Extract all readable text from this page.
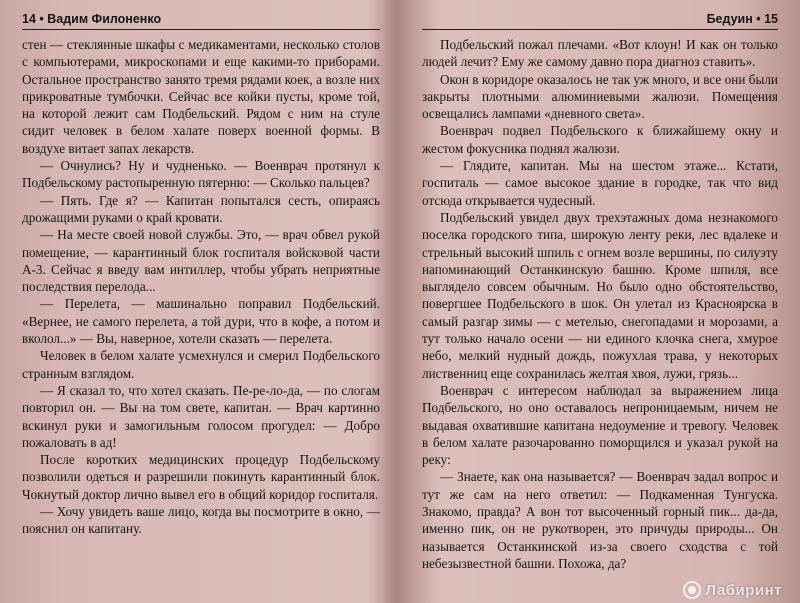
14 • Вадим Филоненко

стен — стеклянные шкафы с медикаментами, несколько столов с компьютерами, микроскопами и еще какими-то приборами. Остальное пространство занято тремя рядами коек, а возле них прикроватные тумбочки. Сейчас все койки пусты, кроме той, на которой лежит сам Подбельский. Рядом с ним на стуле сидит человек в белом халате поверх военной формы. В воздухе витает запах лекарств.

— Очнулись? Ну и чудненько. — Военврач протянул к Подбельскому растопыренную пятерню: — Сколько пальцев?

— Пять. Где я? — Капитан попытался сесть, опираясь дрожащими руками о край кровати.

— На месте своей новой службы. Это, — врач обвел рукой помещение, — карантинный блок госпиталя войсковой части А-3. Сейчас я введу вам интиллер, чтобы убрать неприятные последствия перелода...

— Перелета, — машинально поправил Подбельский. «Вернее, не самого перелета, а той дури, что в кофе, а потом и вколол...» — Вы, наверное, хотели сказать — перелета.

Человек в белом халате усмехнулся и смерил Подбельского странным взглядом.

— Я сказал то, что хотел сказать. Пе-ре-ло-да, — по слогам повторил он. — Вы на том свете, капитан. — Врач картинно вскинул руки и замогильным голосом прогудел: — Добро пожаловать в ад!

После коротких медицинских процедур Подбельскому позволили одеться и разрешили покинуть карантинный блок. Чокнутый доктор лично вывел его в общий коридор госпиталя.

— Хочу увидеть ваше лицо, когда вы посмотрите в окно, — пояснил он капитану.

Бедуин • 15

Подбельский пожал плечами. «Вот клоун! И как он только людей лечит? Ему же самому давно пора диагноз ставить».

Окон в коридоре оказалось не так уж много, и все они были закрыты плотными алюминиевыми жалюзи. Помещения освещались лампами «дневного света».

Военврач подвел Подбельского к ближайшему окну и жестом фокусника поднял жалюзи.

— Глядите, капитан. Мы на шестом этаже... Кстати, госпиталь — самое высокое здание в городке, так что вид отсюда открывается чудесный.

Подбельский увидел двух трехэтажных дома незнакомого поселка городского типа, широкую ленту реки, лес вдалеке и стрельный высокий шпиль с огнем возле вершины, по силуэту напоминающий Останкинскую башню. Кроме шпиля, все выглядело совсем обычным. Но было одно обстоятельство, повергшее Подбельского в шок. Он улетал из Красноярска в самый разгар зимы — с метелью, снегопадами и морозами, а тут только начало осени — ни единого клочка снега, хмурое небо, мелкий нудный дождь, пожухлая трава, у некоторых лиственниц еще сохранилась желтая хвоя, лужи, грязь...

Военврач с интересом наблюдал за выражением лица Подбельского, но оно оставалось непроницаемым, ничем не выдавая охватившие капитана недоумение и тревогу. Человек в белом халате разочарованно поморщился и указал рукой на реку:

— Знаете, как она называется? — Военврач задал вопрос и тут же сам на него ответил: — Подкаменная Тунгуска. Знакомо, правда? А вон тот высоченный горный пик... да-да, именно пик, он не рукотворен, это причуды природы... Он называется Останкинской из-за своего сходства с той небезызвестной башни. Похожа, да?

Лабиринт
